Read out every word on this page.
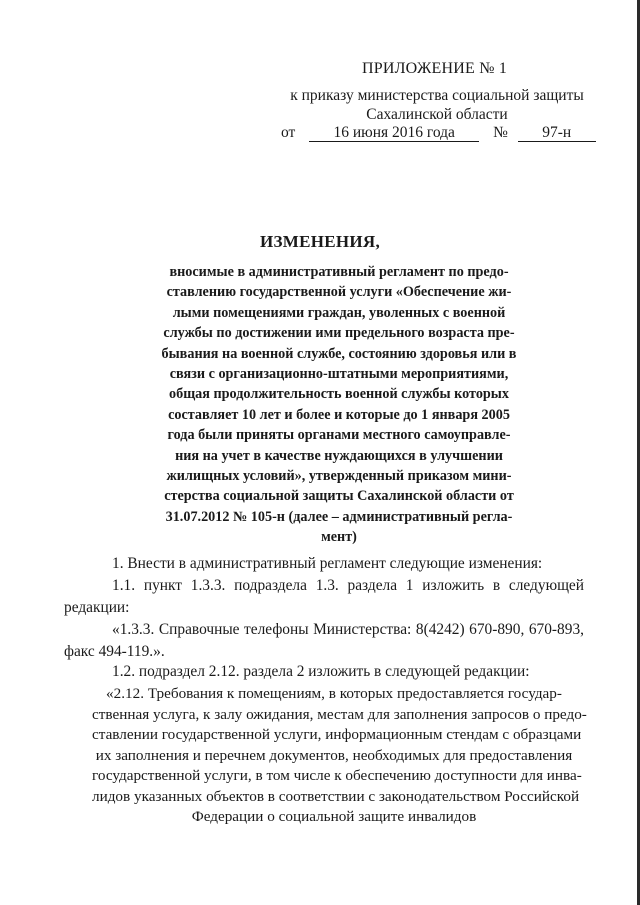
ПРИЛОЖЕНИЕ № 1
к приказу министерства социальной защиты
Сахалинской области
от 16 июня 2016 года № 97-н
ИЗМЕНЕНИЯ,
вносимые в административный регламент по предо-
ставлению государственной услуги «Обеспечение жи-
лыми помещениями граждан, уволенных с военной
службы по достижении ими предельного возраста пре-
бывания на военной службе, состоянию здоровья или в
связи с организационно-штатными мероприятиями,
общая продолжительность военной службы которых
составляет 10 лет и более и которые до 1 января 2005
года были приняты органами местного самоуправле-
ния на учет в качестве нуждающихся в улучшении
жилищных условий», утвержденный приказом мини-
стерства социальной защиты Сахалинской области от
31.07.2012 № 105-н (далее – административный регла-
мент)
1. Внести в административный регламент следующие изменения:
1.1. пункт 1.3.3. подраздела 1.3. раздела 1 изложить в следующей
редакции:
«1.3.3. Справочные телефоны Министерства: 8(4242) 670-890, 670-893,
факс 494-119.».
1.2. подраздел 2.12. раздела 2 изложить в следующей редакции:
«2.12. Требования к помещениям, в которых предоставляется государ-
ственная услуга, к залу ожидания, местам для заполнения запросов о предо-
ставлении государственной услуги, информационным стендам с образцами
их заполнения и перечнем документов, необходимых для предоставления
государственной услуги, в том числе к обеспечению доступности для инва-
лидов указанных объектов в соответствии с законодательством Российской
Федерации о социальной защите инвалидов
